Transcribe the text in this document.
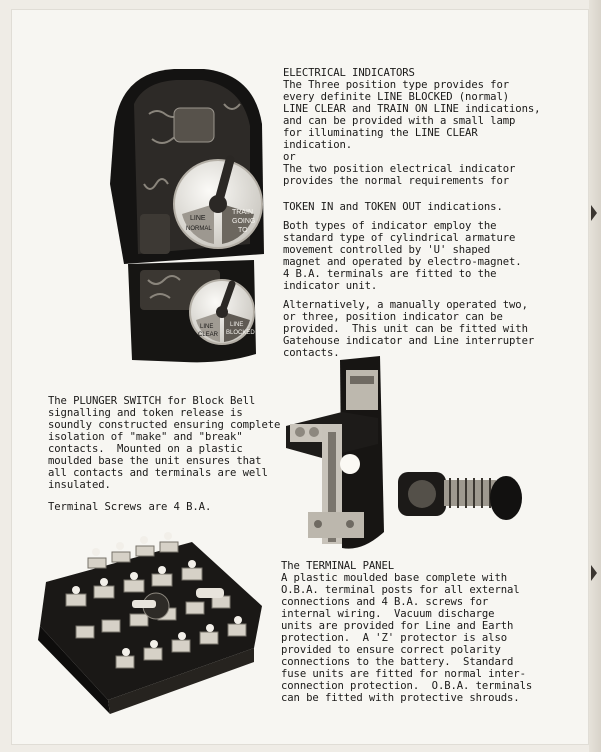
LINE
NORMAL
TRAIN
GOING
TO
LINE
CLEAR
LINE
BLOCKED
ELECTRICAL INDICATORS
The Three position type provides for
every definite LINE BLOCKED (normal)
LINE CLEAR and TRAIN ON LINE indications,
and can be provided with a small lamp
for illuminating the LINE CLEAR
indication.
or
The two position electrical indicator
provides the normal requirements for
TOKEN IN and TOKEN OUT indications.
Both types of indicator employ the
standard type of cylindrical armature
movement controlled by 'U' shaped
magnet and operated by electro-magnet.
4 B.A. terminals are fitted to the
indicator unit.
Alternatively, a manually operated two,
or three, position indicator can be
provided.  This unit can be fitted with
Gatehouse indicator and Line interrupter
contacts.
The PLUNGER SWITCH for Block Bell
signalling and token release is
soundly constructed ensuring complete
isolation of "make" and "break"
contacts.  Mounted on a plastic
moulded base the unit ensures that
all contacts and terminals are well
insulated.
Terminal Screws are 4 B.A.
The TERMINAL PANEL
A plastic moulded base complete with
O.B.A. terminal posts for all external
connections and 4 B.A. screws for
internal wiring.  Vacuum discharge
units are provided for Line and Earth
protection.  A 'Z' protector is also
provided to ensure correct polarity
connections to the battery.  Standard
fuse units are fitted for normal inter-
connection protection.  O.B.A. terminals
can be fitted with protective shrouds.
